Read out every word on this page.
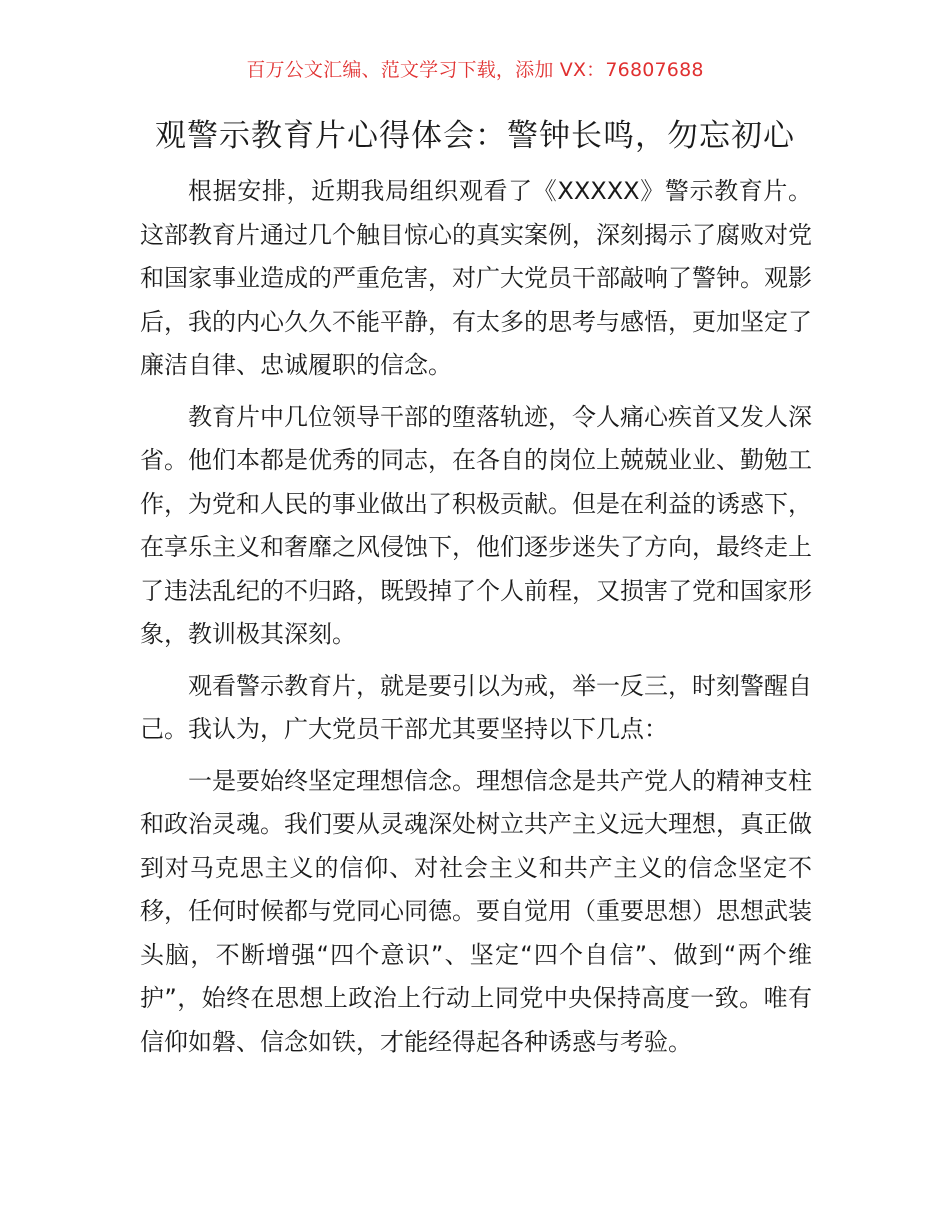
百万公文汇编、范文学习下载，添加 VX：76807688
观警示教育片心得体会：警钟长鸣，勿忘初心

根据安排，近期我局组织观看了《XXXXX》警示教育片。这部教育片通过几个触目惊心的真实案例，深刻揭示了腐败对党和国家事业造成的严重危害，对广大党员干部敲响了警钟。观影后，我的内心久久不能平静，有太多的思考与感悟，更加坚定了廉洁自律、忠诚履职的信念。

教育片中几位领导干部的堕落轨迹，令人痛心疾首又发人深省。他们本都是优秀的同志，在各自的岗位上兢兢业业、勤勉工作，为党和人民的事业做出了积极贡献。但是在利益的诱惑下，在享乐主义和奢靡之风侵蚀下，他们逐步迷失了方向，最终走上了违法乱纪的不归路，既毁掉了个人前程，又损害了党和国家形象，教训极其深刻。

观看警示教育片，就是要引以为戒，举一反三，时刻警醒自己。我认为，广大党员干部尤其要坚持以下几点：

一是要始终坚定理想信念。理想信念是共产党人的精神支柱和政治灵魂。我们要从灵魂深处树立共产主义远大理想，真正做到对马克思主义的信仰、对社会主义和共产主义的信念坚定不移，任何时候都与党同心同德。要自觉用（重要思想）思想武装头脑，不断增强“四个意识”、坚定“四个自信”、做到“两个维护”，始终在思想上政治上行动上同党中央保持高度一致。唯有信仰如磐、信念如铁，才能经得起各种诱惑与考验。
